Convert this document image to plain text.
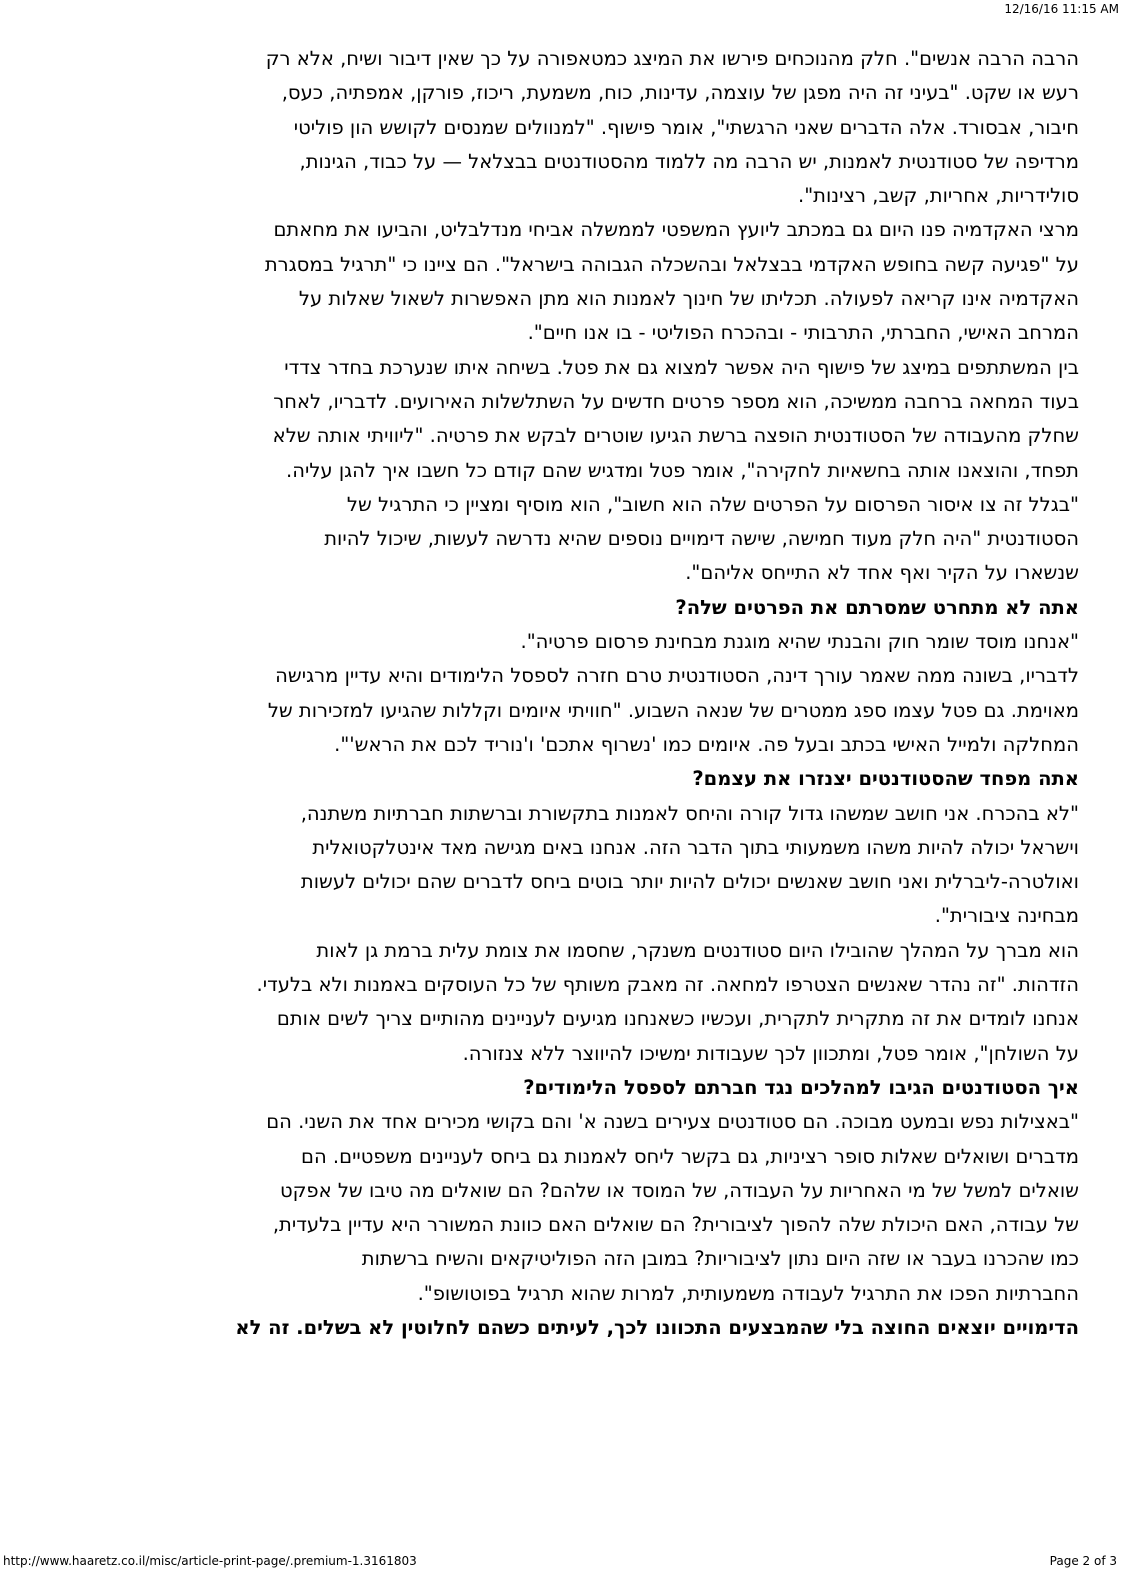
12/16/16 11:15 AM
הרבה הרבה אנשים". חלק מהנוכחים פירשו את המיצג כמטאפורה על כך שאין דיבור ושיח, אלא רק
רעש או שקט. "בעיני זה היה מפגן של עוצמה, עדינות, כוח, משמעת, ריכוז, פורקן, אמפתיה, כעס,
חיבור, אבסורד. אלה הדברים שאני הרגשתי", אומר פישוף. "למנוולים שמנסים לקושש הון פוליטי
מרדיפה של סטודנטית לאמנות, יש הרבה מה ללמוד מהסטודנטים בבצלאל — על כבוד, הגינות,
סולידריות, אחריות, קשב, רצינות".
מרצי האקדמיה פנו היום גם במכתב ליועץ המשפטי לממשלה אביחי מנדלבליט, והביעו את מחאתם
על "פגיעה קשה בחופש האקדמי בבצלאל ובהשכלה הגבוהה בישראל". הם ציינו כי "תרגיל במסגרת
האקדמיה אינו קריאה לפעולה. תכליתו של חינוך לאמנות הוא מתן האפשרות לשאול שאלות על
המרחב האישי, החברתי, התרבותי - ובהכרח הפוליטי - בו אנו חיים".
בין המשתתפים במיצג של פישוף היה אפשר למצוא גם את פטל. בשיחה איתו שנערכת בחדר צדדי
בעוד המחאה ברחבה ממשיכה, הוא מספר פרטים חדשים על השתלשלות האירועים. לדבריו, לאחר
שחלק מהעבודה של הסטודנטית הופצה ברשת הגיעו שוטרים לבקש את פרטיה. "ליוויתי אותה שלא
תפחד, והוצאנו אותה בחשאיות לחקירה", אומר פטל ומדגיש שהם קודם כל חשבו איך להגן עליה.
"בגלל זה צו איסור הפרסום על הפרטים שלה הוא חשוב", הוא מוסיף ומציין כי התרגיל של
הסטודנטית "היה חלק מעוד חמישה, שישה דימויים נוספים שהיא נדרשה לעשות, שיכול להיות
שנשארו על הקיר ואף אחד לא התייחס אליהם".
אתה לא מתחרט שמסרתם את הפרטים שלה?
"אנחנו מוסד שומר חוק והבנתי שהיא מוגנת מבחינת פרסום פרטיה".
לדבריו, בשונה ממה שאמר עורך דינה, הסטודנטית טרם חזרה לספסל הלימודים והיא עדיין מרגישה
מאוימת. גם פטל עצמו ספג ממטרים של שנאה השבוע. "חוויתי איומים וקללות שהגיעו למזכירות של
המחלקה ולמייל האישי בכתב ובעל פה. איומים כמו 'נשרוף אתכם' ו'נוריד לכם את הראש'".
אתה מפחד שהסטודנטים יצנזרו את עצמם?
"לא בהכרח. אני חושב שמשהו גדול קורה והיחס לאמנות בתקשורת וברשתות חברתיות משתנה,
וישראל יכולה להיות משהו משמעותי בתוך הדבר הזה. אנחנו באים מגישה מאד אינטלקטואלית
ואולטרה-ליברלית ואני חושב שאנשים יכולים להיות יותר בוטים ביחס לדברים שהם יכולים לעשות
מבחינה ציבורית".
הוא מברך על המהלך שהובילו היום סטודנטים משנקר, שחסמו את צומת עלית ברמת גן לאות
הזדהות. "זה נהדר שאנשים הצטרפו למחאה. זה מאבק משותף של כל העוסקים באמנות ולא בלעדי.
אנחנו לומדים את זה מתקרית לתקרית, ועכשיו כשאנחנו מגיעים לעניינים מהותיים צריך לשים אותם
על השולחן", אומר פטל, ומתכוון לכך שעבודות ימשיכו להיווצר ללא צנזורה.
איך הסטודנטים הגיבו למהלכים נגד חברתם לספסל הלימודים?
"באצילות נפש ובמעט מבוכה. הם סטודנטים צעירים בשנה א' והם בקושי מכירים אחד את השני. הם
מדברים ושואלים שאלות סופר רציניות, גם בקשר ליחס לאמנות גם ביחס לעניינים משפטיים. הם
שואלים למשל של מי האחריות על העבודה, של המוסד או שלהם? הם שואלים מה טיבו של אפקט
של עבודה, האם היכולת שלה להפוך לציבורית? הם שואלים האם כוונת המשורר היא עדיין בלעדית,
כמו שהכרנו בעבר או שזה היום נתון לציבוריות? במובן הזה הפוליטיקאים והשיח ברשתות
החברתיות הפכו את התרגיל לעבודה משמעותית, למרות שהוא תרגיל בפוטושופ".
הדימויים יוצאים החוצה בלי שהמבצעים התכוונו לכך, לעיתים כשהם לחלוטין לא בשלים. זה לא
http://www.haaretz.co.il/misc/article-print-page/.premium-1.3161803	Page 2 of 3
